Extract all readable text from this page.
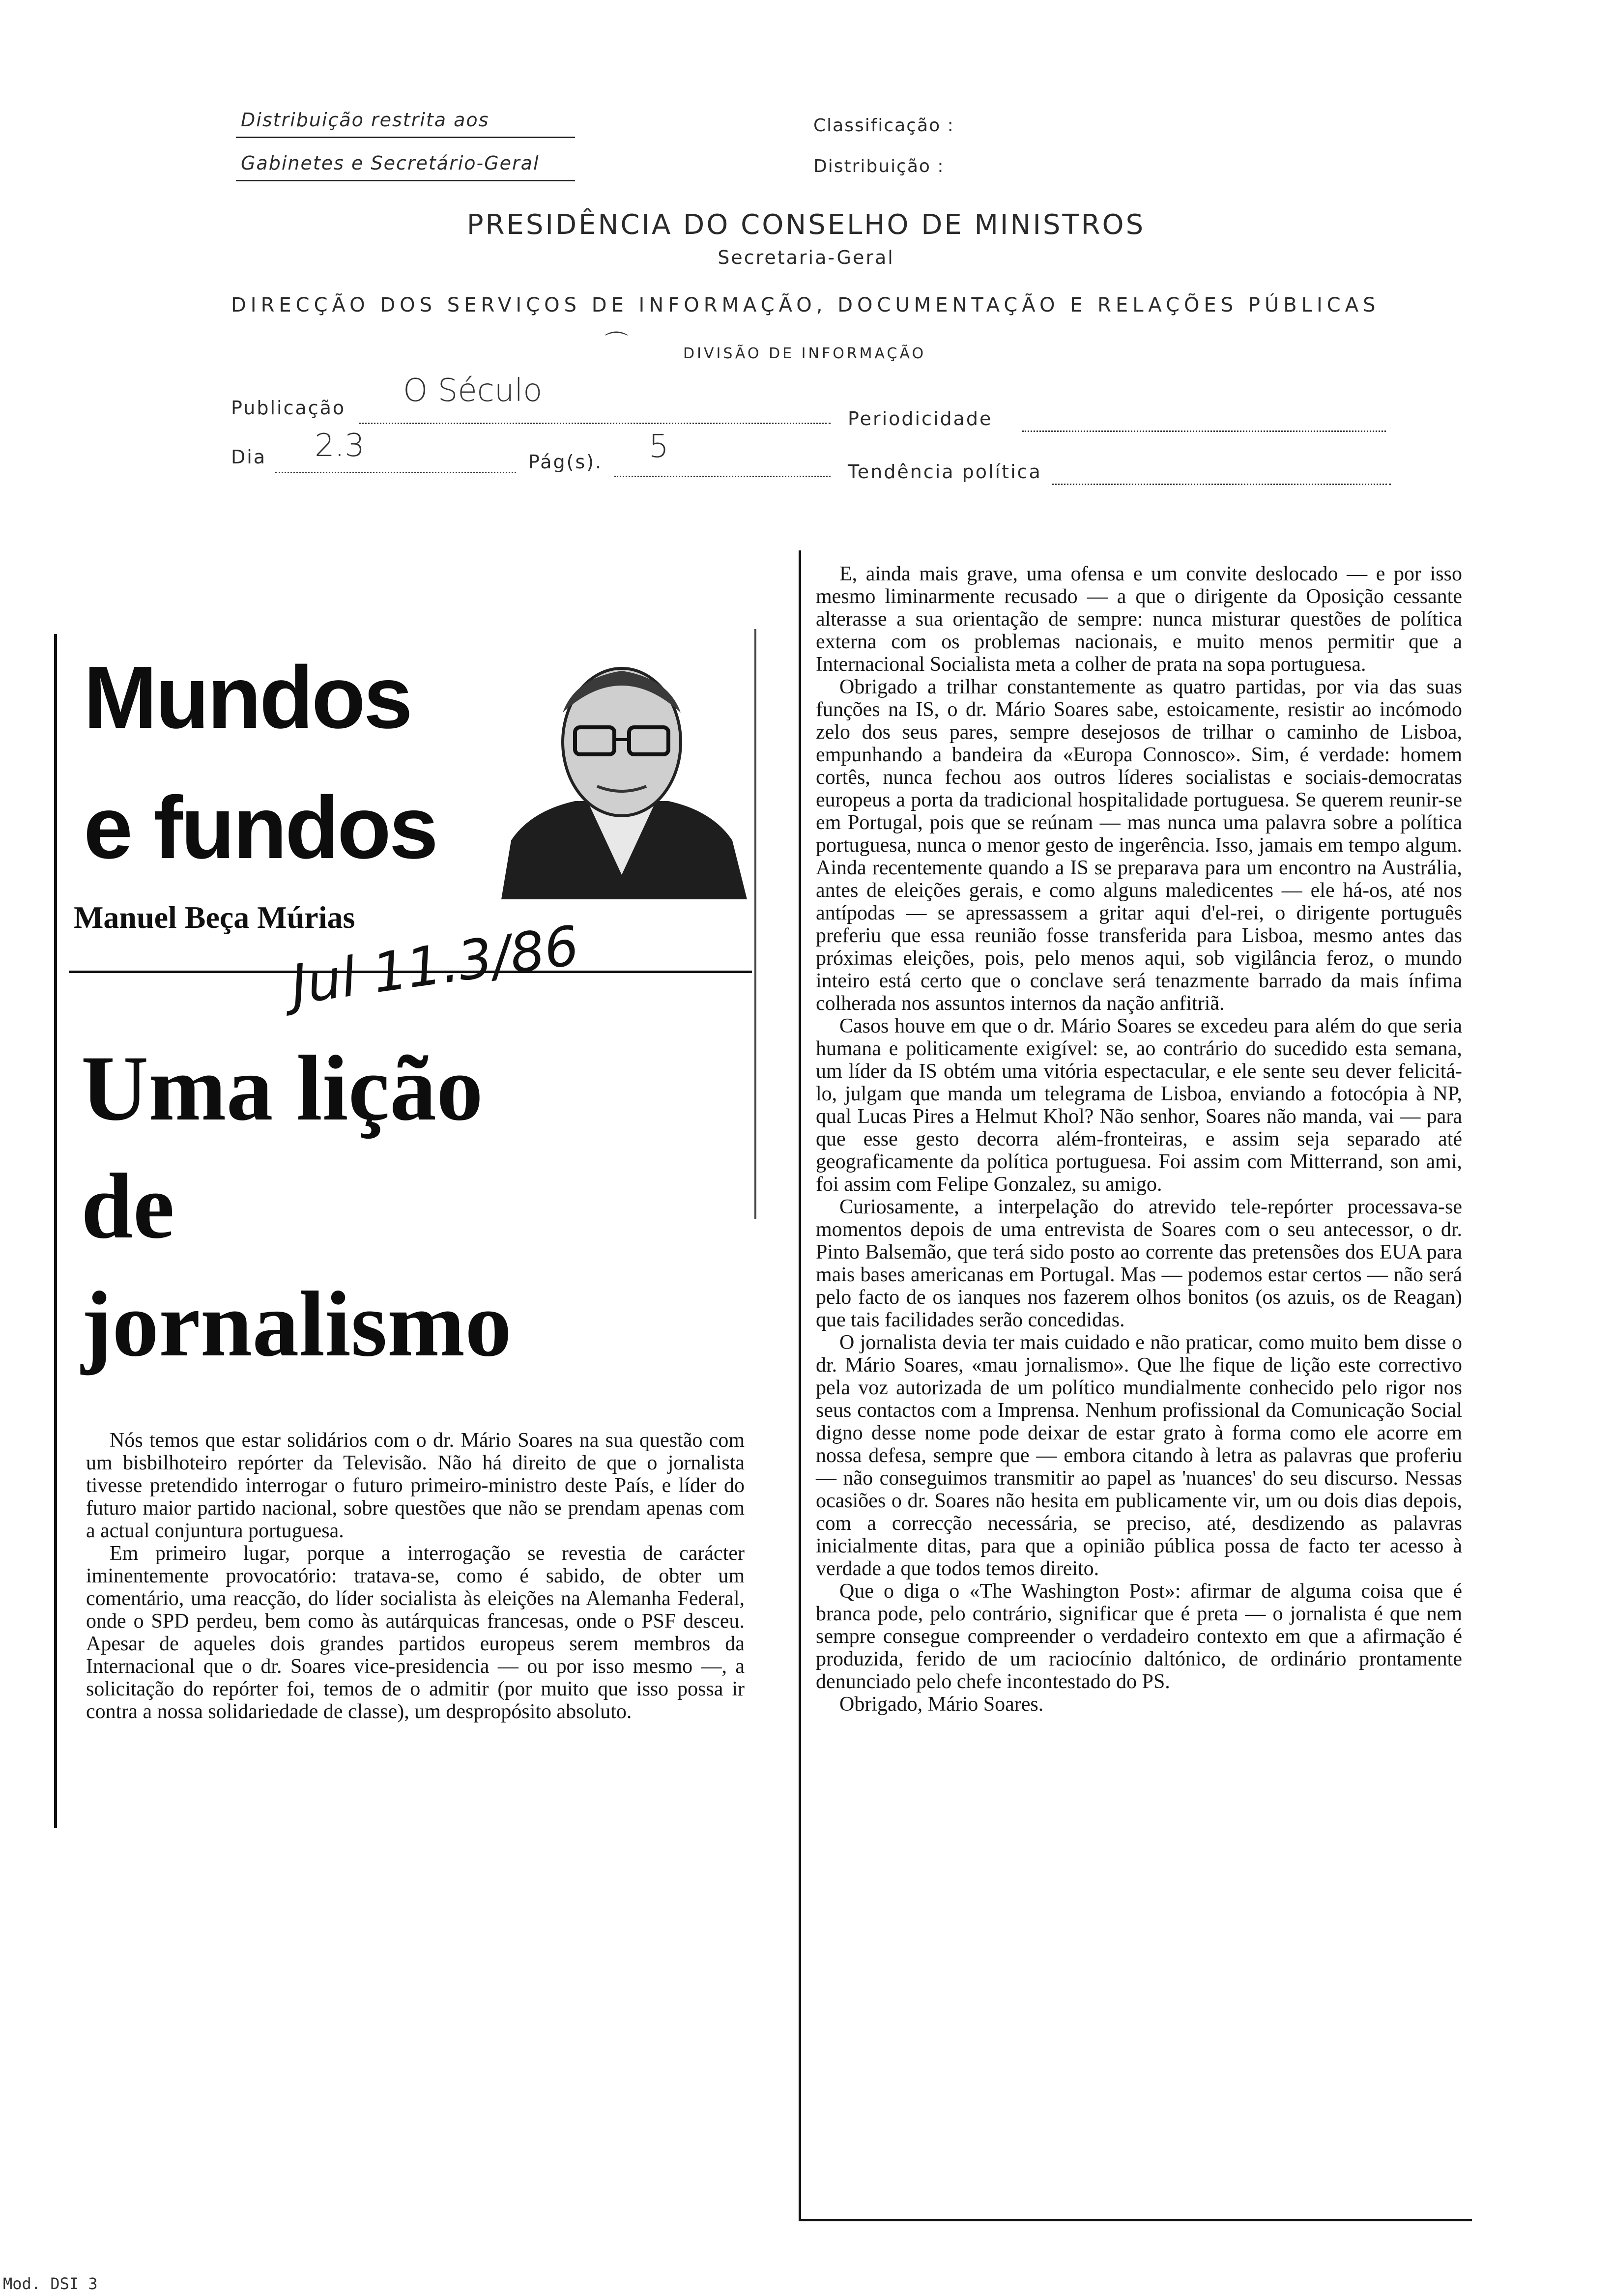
Distribuição restrita aos
Gabinetes e Secretário-Geral
Classificação :
Distribuição :
PRESIDÊNCIA DO CONSELHO DE MINISTROS
Secretaria-Geral
DIRECÇÃO DOS SERVIÇOS DE INFORMAÇÃO, DOCUMENTAÇÃO E RELAÇÕES PÚBLICAS
⌒	DIVISÃO DE INFORMAÇÃO
Publicação O Século
Periodicidade
Dia 2.3	Pág(s). 5
Tendência política
Mundos
e fundos
Manuel Beça Múrias
Jul 11.3/86
Uma lição
de
jornalismo

Nós temos que estar solidários com o dr. Mário Soares na sua questão com um bisbilhoteiro repórter da Televisão. Não há direito de que o jornalista tivesse pretendido interrogar o futuro primeiro-ministro deste País, e líder do futuro maior partido nacional, sobre questões que não se prendam apenas com a actual conjuntura portuguesa.

Em primeiro lugar, porque a interrogação se revestia de carácter iminentemente provocatório: tratava-se, como é sabido, de obter um comentário, uma reacção, do líder socialista às eleições na Alemanha Federal, onde o SPD perdeu, bem como às autárquicas francesas, onde o PSF desceu. Apesar de aqueles dois grandes partidos europeus serem membros da Internacional que o dr. Soares vice-presidencia — ou por isso mesmo —, a solicitação do repórter foi, temos de o admitir (por muito que isso possa ir contra a nossa solidariedade de classe), um despropósito absoluto.

E, ainda mais grave, uma ofensa e um convite deslocado — e por isso mesmo liminarmente recusado — a que o dirigente da Oposição cessante alterasse a sua orientação de sempre: nunca misturar questões de política externa com os problemas nacionais, e muito menos permitir que a Internacional Socialista meta a colher de prata na sopa portuguesa.

Obrigado a trilhar constantemente as quatro partidas, por via das suas funções na IS, o dr. Mário Soares sabe, estoicamente, resistir ao incómodo zelo dos seus pares, sempre desejosos de trilhar o caminho de Lisboa, empunhando a bandeira da «Europa Connosco». Sim, é verdade: homem cortês, nunca fechou aos outros líderes socialistas e sociais-democratas europeus a porta da tradicional hospitalidade portuguesa. Se querem reunir-se em Portugal, pois que se reúnam — mas nunca uma palavra sobre a política portuguesa, nunca o menor gesto de ingerência. Isso, jamais em tempo algum. Ainda recentemente quando a IS se preparava para um encontro na Austrália, antes de eleições gerais, e como alguns maledicentes — ele há-os, até nos antípodas — se apressassem a gritar aqui d'el-rei, o dirigente português preferiu que essa reunião fosse transferida para Lisboa, mesmo antes das próximas eleições, pois, pelo menos aqui, sob vigilância feroz, o mundo inteiro está certo que o conclave será tenazmente barrado da mais ínfima colherada nos assuntos internos da nação anfitriã.

Casos houve em que o dr. Mário Soares se excedeu para além do que seria humana e politicamente exigível: se, ao contrário do sucedido esta semana, um líder da IS obtém uma vitória espectacular, e ele sente seu dever felicitá-lo, julgam que manda um telegrama de Lisboa, enviando a fotocópia à NP, qual Lucas Pires a Helmut Khol? Não senhor, Soares não manda, vai — para que esse gesto decorra além-fronteiras, e assim seja separado até geograficamente da política portuguesa. Foi assim com Mitterrand, son ami, foi assim com Felipe Gonzalez, su amigo.

Curiosamente, a interpelação do atrevido tele-repórter processava-se momentos depois de uma entrevista de Soares com o seu antecessor, o dr. Pinto Balsemão, que terá sido posto ao corrente das pretensões dos EUA para mais bases americanas em Portugal. Mas — podemos estar certos — não será pelo facto de os ianques nos fazerem olhos bonitos (os azuis, os de Reagan) que tais facilidades serão concedidas.

O jornalista devia ter mais cuidado e não praticar, como muito bem disse o dr. Mário Soares, «mau jornalismo». Que lhe fique de lição este correctivo pela voz autorizada de um político mundialmente conhecido pelo rigor nos seus contactos com a Imprensa. Nenhum profissional da Comunicação Social digno desse nome pode deixar de estar grato à forma como ele acorre em nossa defesa, sempre que — embora citando à letra as palavras que proferiu — não conseguimos transmitir ao papel as 'nuances' do seu discurso. Nessas ocasiões o dr. Soares não hesita em publicamente vir, um ou dois dias depois, com a correcção necessária, se preciso, até, desdizendo as palavras inicialmente ditas, para que a opinião pública possa de facto ter acesso à verdade a que todos temos direito.

Que o diga o «The Washington Post»: afirmar de alguma coisa que é branca pode, pelo contrário, significar que é preta — o jornalista é que nem sempre consegue compreender o verdadeiro contexto em que a afirmação é produzida, ferido de um raciocínio daltónico, de ordinário prontamente denunciado pelo chefe incontestado do PS.

Obrigado, Mário Soares.

Mod. DSI 3
